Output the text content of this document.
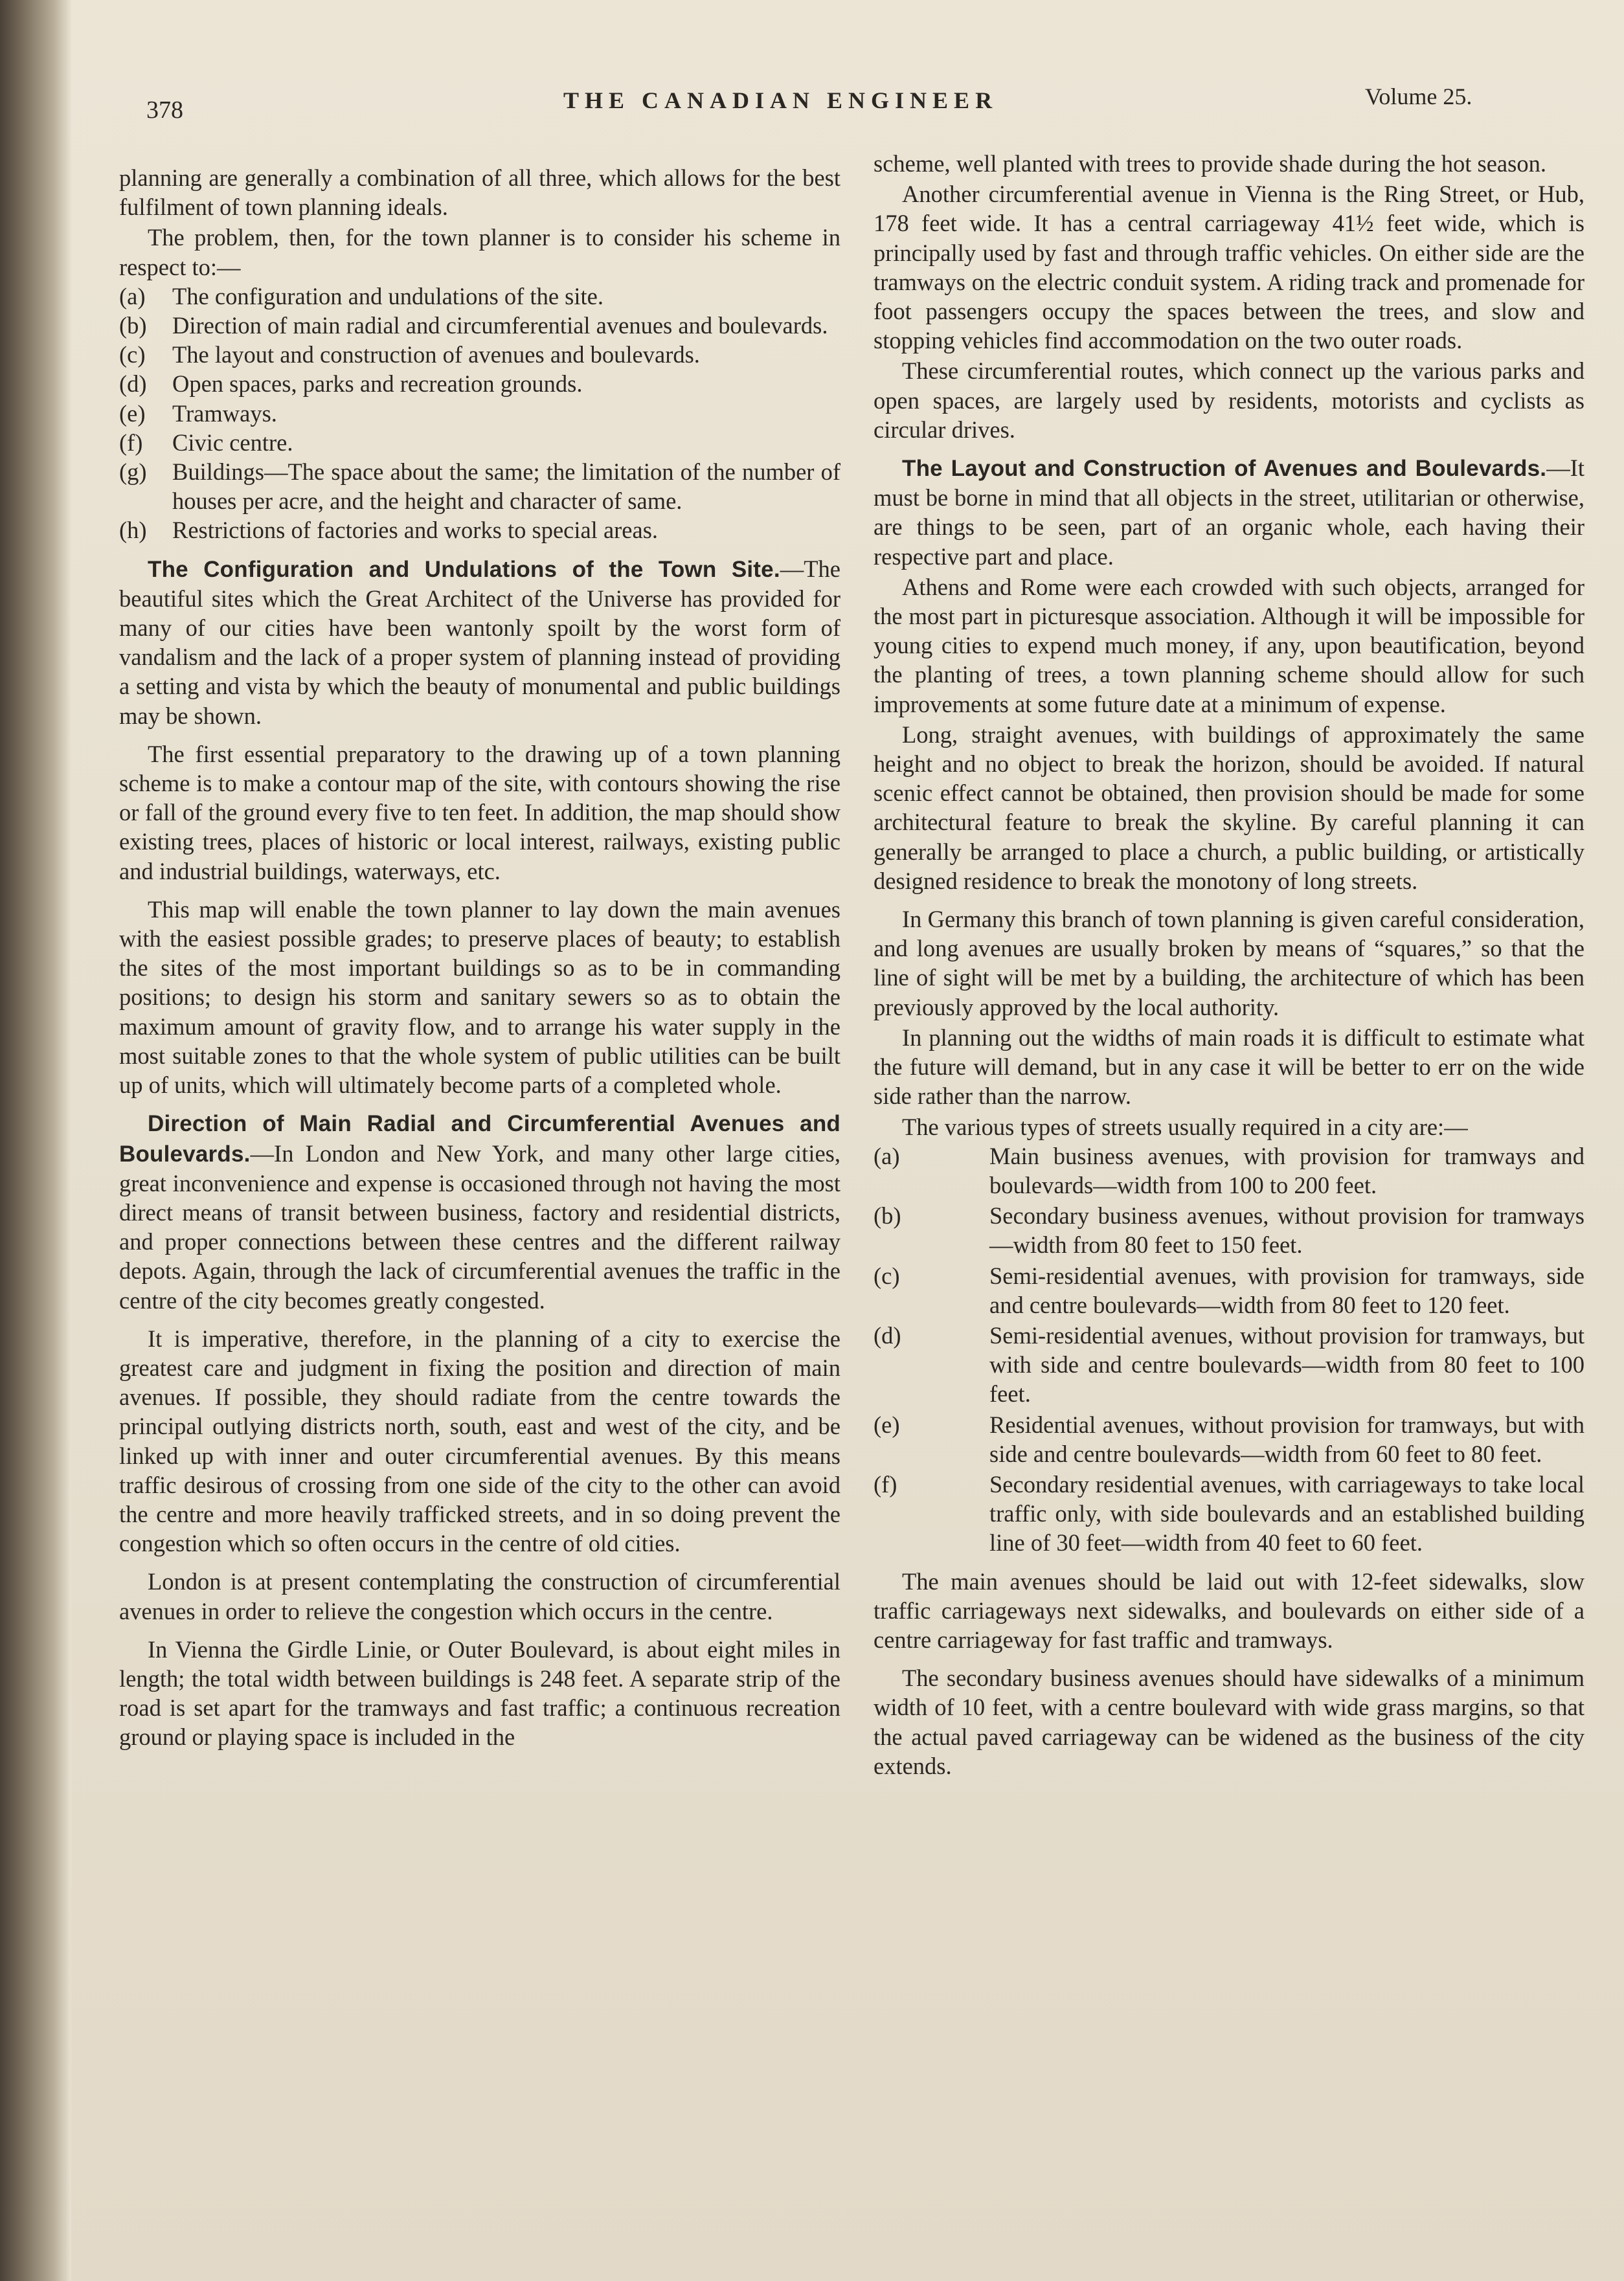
378	THE CANADIAN ENGINEER	Volume 25.

planning are generally a combination of all three, which allows for the best fulfilment of town planning ideals.

The problem, then, for the town planner is to consider his scheme in respect to:—

(a) The configuration and undulations of the site.
(b) Direction of main radial and circumferential avenues and boulevards.
(c) The layout and construction of avenues and boulevards.
(d) Open spaces, parks and recreation grounds.
(e) Tramways.
(f) Civic centre.
(g) Buildings—The space about the same; the limitation of the number of houses per acre, and the height and character of same.
(h) Restrictions of factories and works to special areas.

The Configuration and Undulations of the Town Site.—The beautiful sites which the Great Architect of the Universe has provided for many of our cities have been wantonly spoilt by the worst form of vandalism and the lack of a proper system of planning instead of providing a setting and vista by which the beauty of monumental and public buildings may be shown.

The first essential preparatory to the drawing up of a town planning scheme is to make a contour map of the site, with contours showing the rise or fall of the ground every five to ten feet. In addition, the map should show existing trees, places of historic or local interest, railways, existing public and industrial buildings, waterways, etc.

This map will enable the town planner to lay down the main avenues with the easiest possible grades; to preserve places of beauty; to establish the sites of the most important buildings so as to be in commanding positions; to design his storm and sanitary sewers so as to obtain the maximum amount of gravity flow, and to arrange his water supply in the most suitable zones to that the whole system of public utilities can be built up of units, which will ultimately become parts of a completed whole.

Direction of Main Radial and Circumferential Avenues and Boulevards.—In London and New York, and many other large cities, great inconvenience and expense is occasioned through not having the most direct means of transit between business, factory and residential districts, and proper connections between these centres and the different railway depots. Again, through the lack of circumferential avenues the traffic in the centre of the city becomes greatly congested.

It is imperative, therefore, in the planning of a city to exercise the greatest care and judgment in fixing the position and direction of main avenues. If possible, they should radiate from the centre towards the principal outlying districts north, south, east and west of the city, and be linked up with inner and outer circumferential avenues. By this means traffic desirous of crossing from one side of the city to the other can avoid the centre and more heavily trafficked streets, and in so doing prevent the congestion which so often occurs in the centre of old cities.

London is at present contemplating the construction of circumferential avenues in order to relieve the congestion which occurs in the centre.

In Vienna the Girdle Linie, or Outer Boulevard, is about eight miles in length; the total width between buildings is 248 feet. A separate strip of the road is set apart for the tramways and fast traffic; a continuous recreation ground or playing space is included in the

scheme, well planted with trees to provide shade during the hot season.

Another circumferential avenue in Vienna is the Ring Street, or Hub, 178 feet wide. It has a central carriageway 41½ feet wide, which is principally used by fast and through traffic vehicles. On either side are the tramways on the electric conduit system. A riding track and promenade for foot passengers occupy the spaces between the trees, and slow and stopping vehicles find accommodation on the two outer roads.

These circumferential routes, which connect up the various parks and open spaces, are largely used by residents, motorists and cyclists as circular drives.

The Layout and Construction of Avenues and Boulevards.—It must be borne in mind that all objects in the street, utilitarian or otherwise, are things to be seen, part of an organic whole, each having their respective part and place.

Athens and Rome were each crowded with such objects, arranged for the most part in picturesque association. Although it will be impossible for young cities to expend much money, if any, upon beautification, beyond the planting of trees, a town planning scheme should allow for such improvements at some future date at a minimum of expense.

Long, straight avenues, with buildings of approximately the same height and no object to break the horizon, should be avoided. If natural scenic effect cannot be obtained, then provision should be made for some architectural feature to break the skyline. By careful planning it can generally be arranged to place a church, a public building, or artistically designed residence to break the monotony of long streets.

In Germany this branch of town planning is given careful consideration, and long avenues are usually broken by means of “squares,” so that the line of sight will be met by a building, the architecture of which has been previously approved by the local authority.

In planning out the widths of main roads it is difficult to estimate what the future will demand, but in any case it will be better to err on the wide side rather than the narrow.

The various types of streets usually required in a city are:—

(a)	Main business avenues, with provision for tramways and boulevards—width from 100 to 200 feet.
(b)	Secondary business avenues, without provision for tramways—width from 80 feet to 150 feet.
(c)	Semi-residential avenues, with provision for tramways, side and centre boulevards—width from 80 feet to 120 feet.
(d)	Semi-residential avenues, without provision for tramways, but with side and centre boulevards—width from 80 feet to 100 feet.
(e)	Residential avenues, without provision for tramways, but with side and centre boulevards—width from 60 feet to 80 feet.
(f)	Secondary residential avenues, with carriageways to take local traffic only, with side boulevards and an established building line of 30 feet—width from 40 feet to 60 feet.

The main avenues should be laid out with 12-feet sidewalks, slow traffic carriageways next sidewalks, and boulevards on either side of a centre carriageway for fast traffic and tramways.

The secondary business avenues should have sidewalks of a minimum width of 10 feet, with a centre boulevard with wide grass margins, so that the actual paved carriageway can be widened as the business of the city extends.
